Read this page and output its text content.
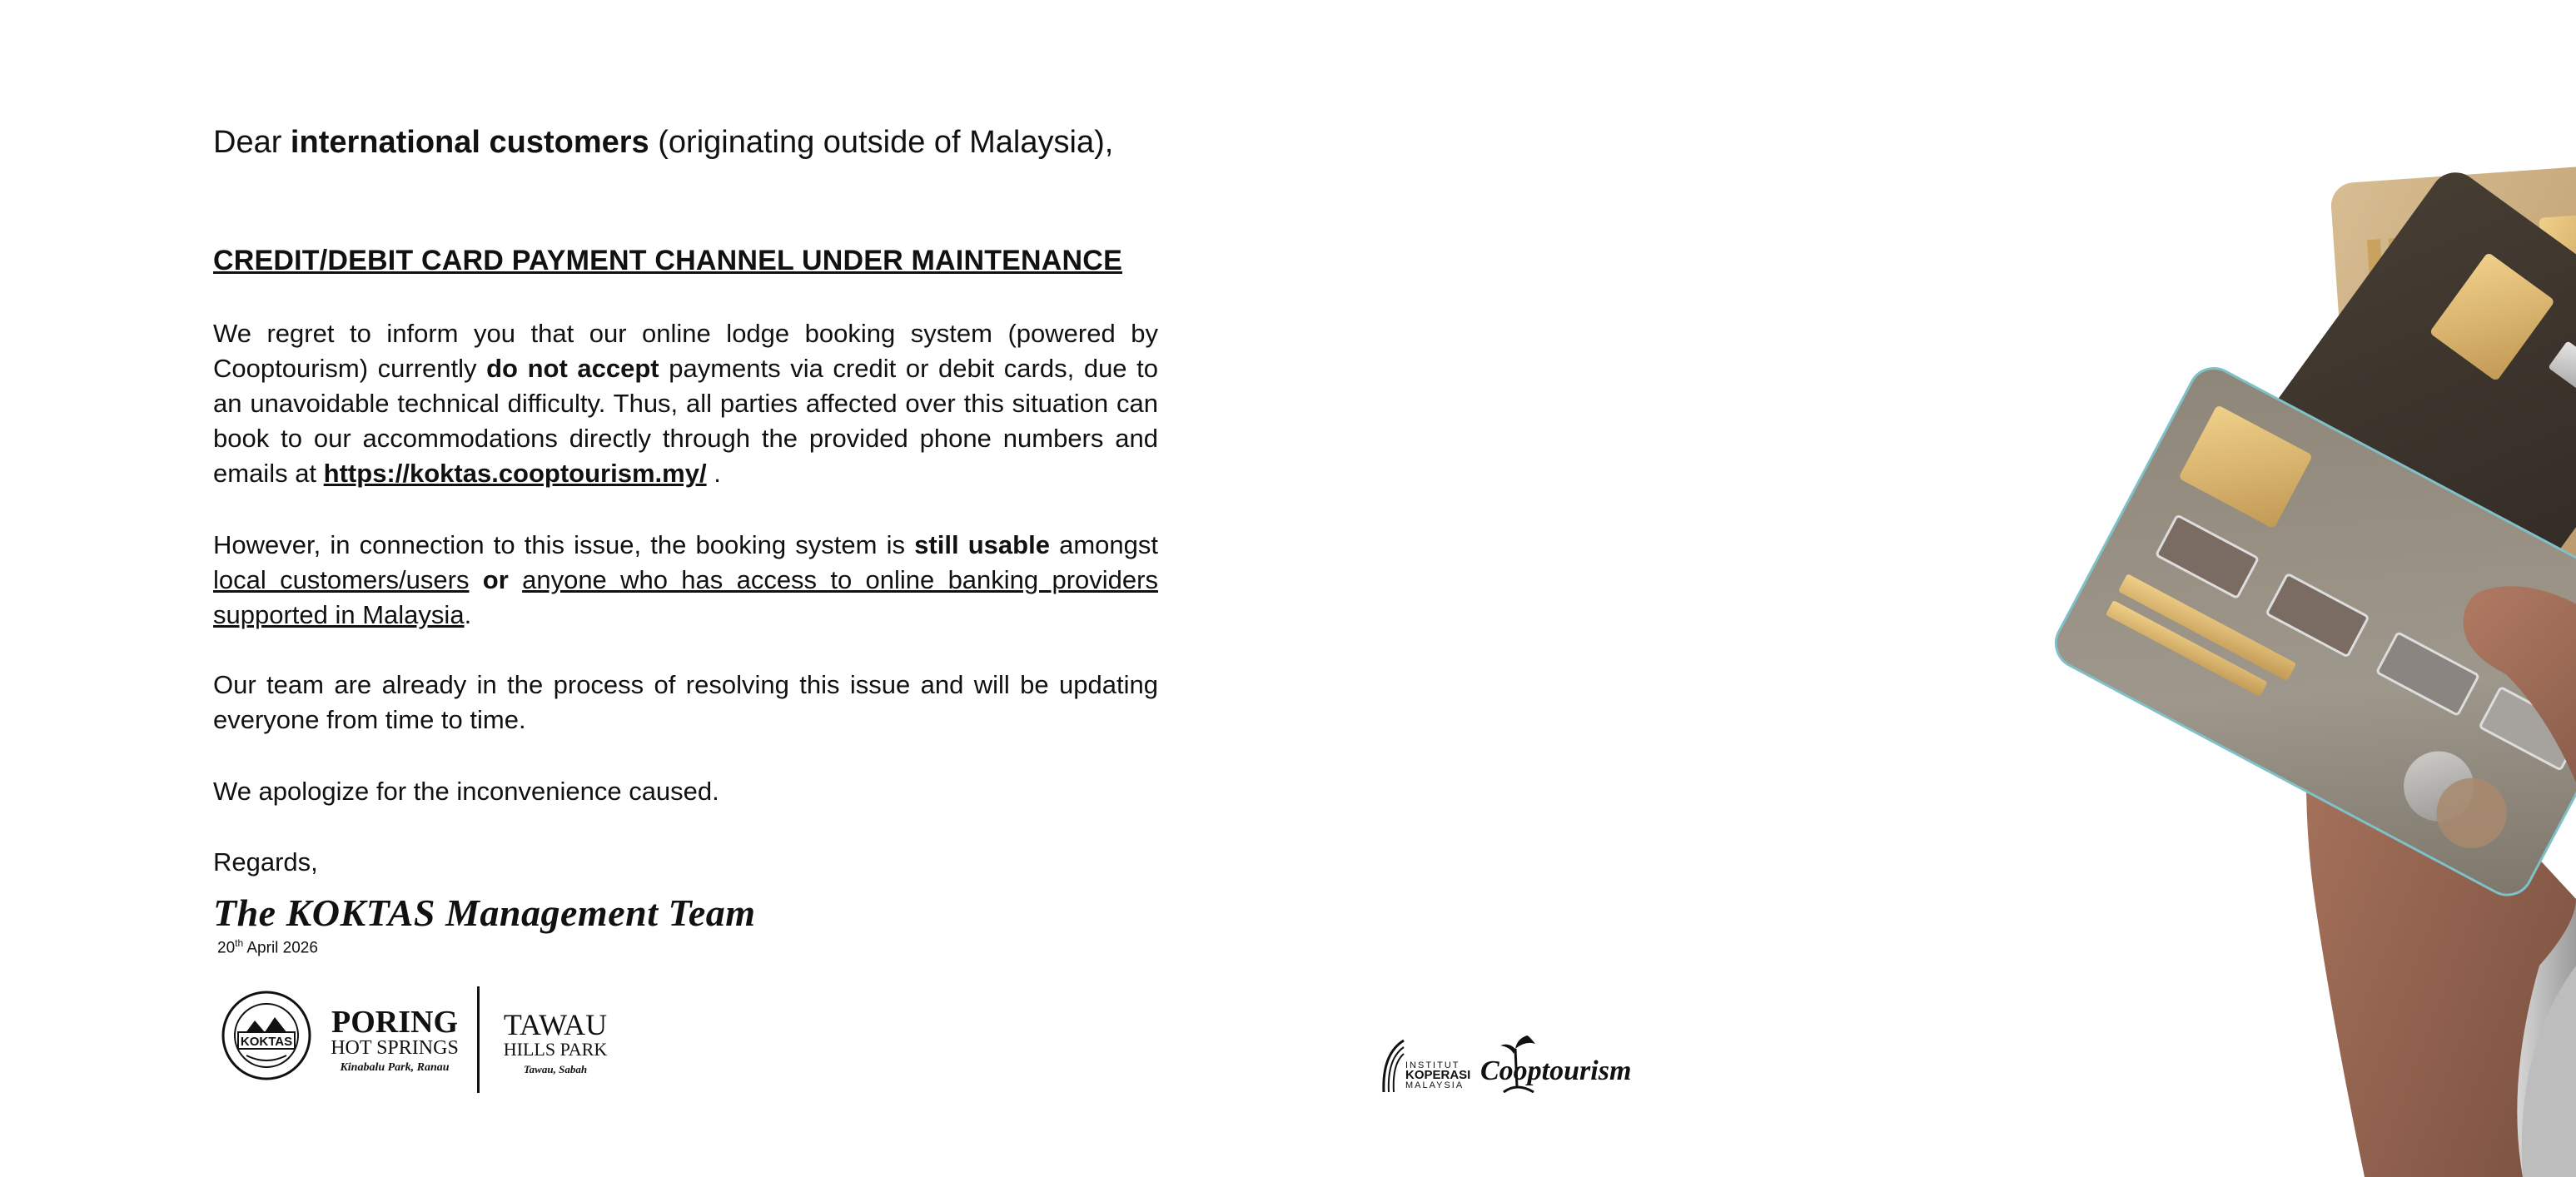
Dear international customers (originating outside of Malaysia),
CREDIT/DEBIT CARD PAYMENT CHANNEL UNDER MAINTENANCE

We regret to inform you that our online lodge booking system (powered by Cooptourism) currently do not accept payments via credit or debit cards, due to an unavoidable technical difficulty. Thus, all parties affected over this situation can book to our accommodations directly through the provided phone numbers and emails at https://koktas.cooptourism.my/ .

However, in connection to this issue, the booking system is still usable amongst local customers/users or anyone who has access to online banking providers supported in Malaysia.

Our team are already in the process of resolving this issue and will be updating everyone from time to time.

We apologize for the inconvenience caused.

Regards,

The KOKTAS Management Team
20th April 2026
KOKTAS
PORING
HOT SPRINGS
Kinabalu Park, Ranau
TAWAU
HILLS PARK
Tawau, Sabah	INSTITUT
KOPERASI
MALAYSIA Cooptourism
